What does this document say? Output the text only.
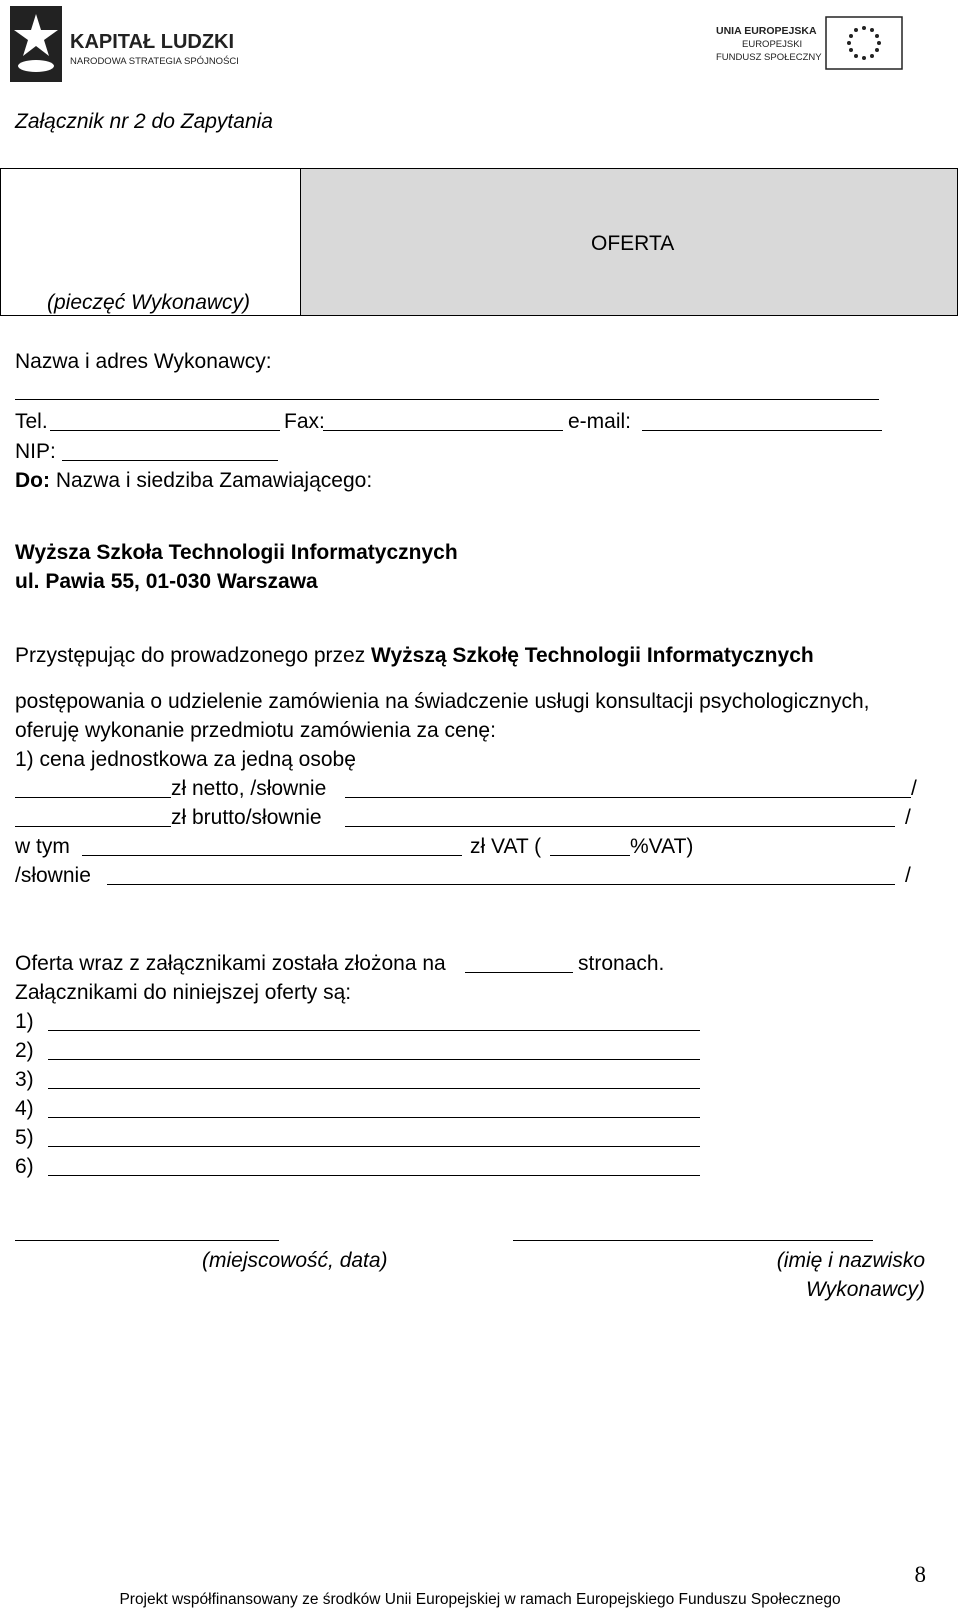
KAPITAŁ LUDZKI
NARODOWA STRATEGIA SPÓJNOŚCI
UNIA EUROPEJSKA
EUROPEJSKI
FUNDUSZ SPOŁECZNY
Załącznik nr 2 do Zapytania
(pieczęć Wykonawcy)
OFERTA
Nazwa i adres Wykonawcy:
Tel.	Fax:	e-mail:
NIP:
Do: Nazwa i siedziba Zamawiającego:
Wyższa Szkoła Technologii Informatycznych
ul. Pawia 55, 01-030 Warszawa
Przystępując do prowadzonego przez Wyższą Szkołę Technologii Informatycznych
postępowania o udzielenie zamówienia na świadczenie usługi konsultacji psychologicznych,
oferuję wykonanie przedmiotu zamówienia za cenę:
1) cena jednostkowa za jedną osobę
zł netto, /słownie	/
zł brutto/słownie	/
w tym	zł VAT (	%VAT)
/słownie	/
Oferta wraz z załącznikami została złożona na	stronach.
Załącznikami do niniejszej oferty są:
1)
2)
3)
4)
5)
6)
(miejscowość, data)	(imię i nazwisko
Wykonawcy)
8
Projekt współfinansowany ze środków Unii Europejskiej w ramach Europejskiego Funduszu Społecznego
